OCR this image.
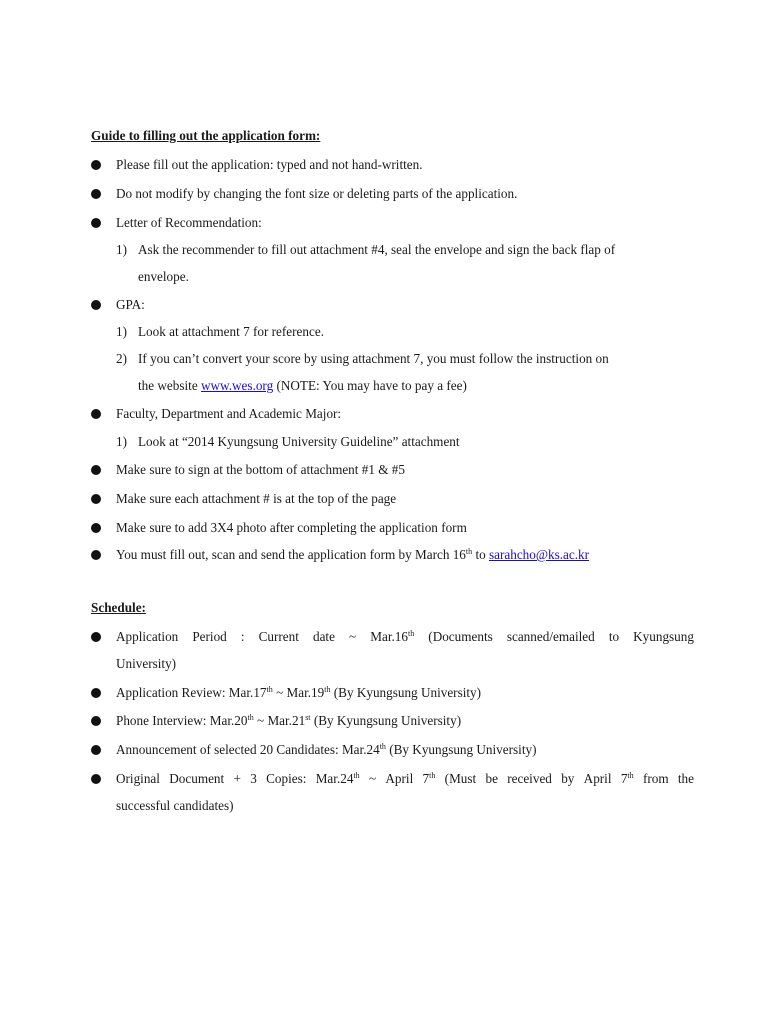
Guide to filling out the application form:
Please fill out the application: typed and not hand-written.
Do not modify by changing the font size or deleting parts of the application.
Letter of Recommendation:
1) Ask the recommender to fill out attachment #4, seal the envelope and sign the back flap of
envelope.
GPA:
1) Look at attachment 7 for reference.
2) If you can’t convert your score by using attachment 7, you must follow the instruction on
the website www.wes.org (NOTE: You may have to pay a fee)
Faculty, Department and Academic Major:
1) Look at “2014 Kyungsung University Guideline” attachment
Make sure to sign at the bottom of attachment #1 & #5
Make sure each attachment # is at the top of the page
Make sure to add 3X4 photo after completing the application form
You must fill out, scan and send the application form by March 16th to sarahcho@ks.ac.kr
Schedule:
Application Period : Current date ~ Mar.16th (Documents scanned/emailed to Kyungsung
University)
Application Review: Mar.17th ~ Mar.19th (By Kyungsung University)
Phone Interview: Mar.20th ~ Mar.21st (By Kyungsung University)
Announcement of selected 20 Candidates: Mar.24th (By Kyungsung University)
Original Document + 3 Copies: Mar.24th ~ April 7th (Must be received by April 7th from the
successful candidates)
